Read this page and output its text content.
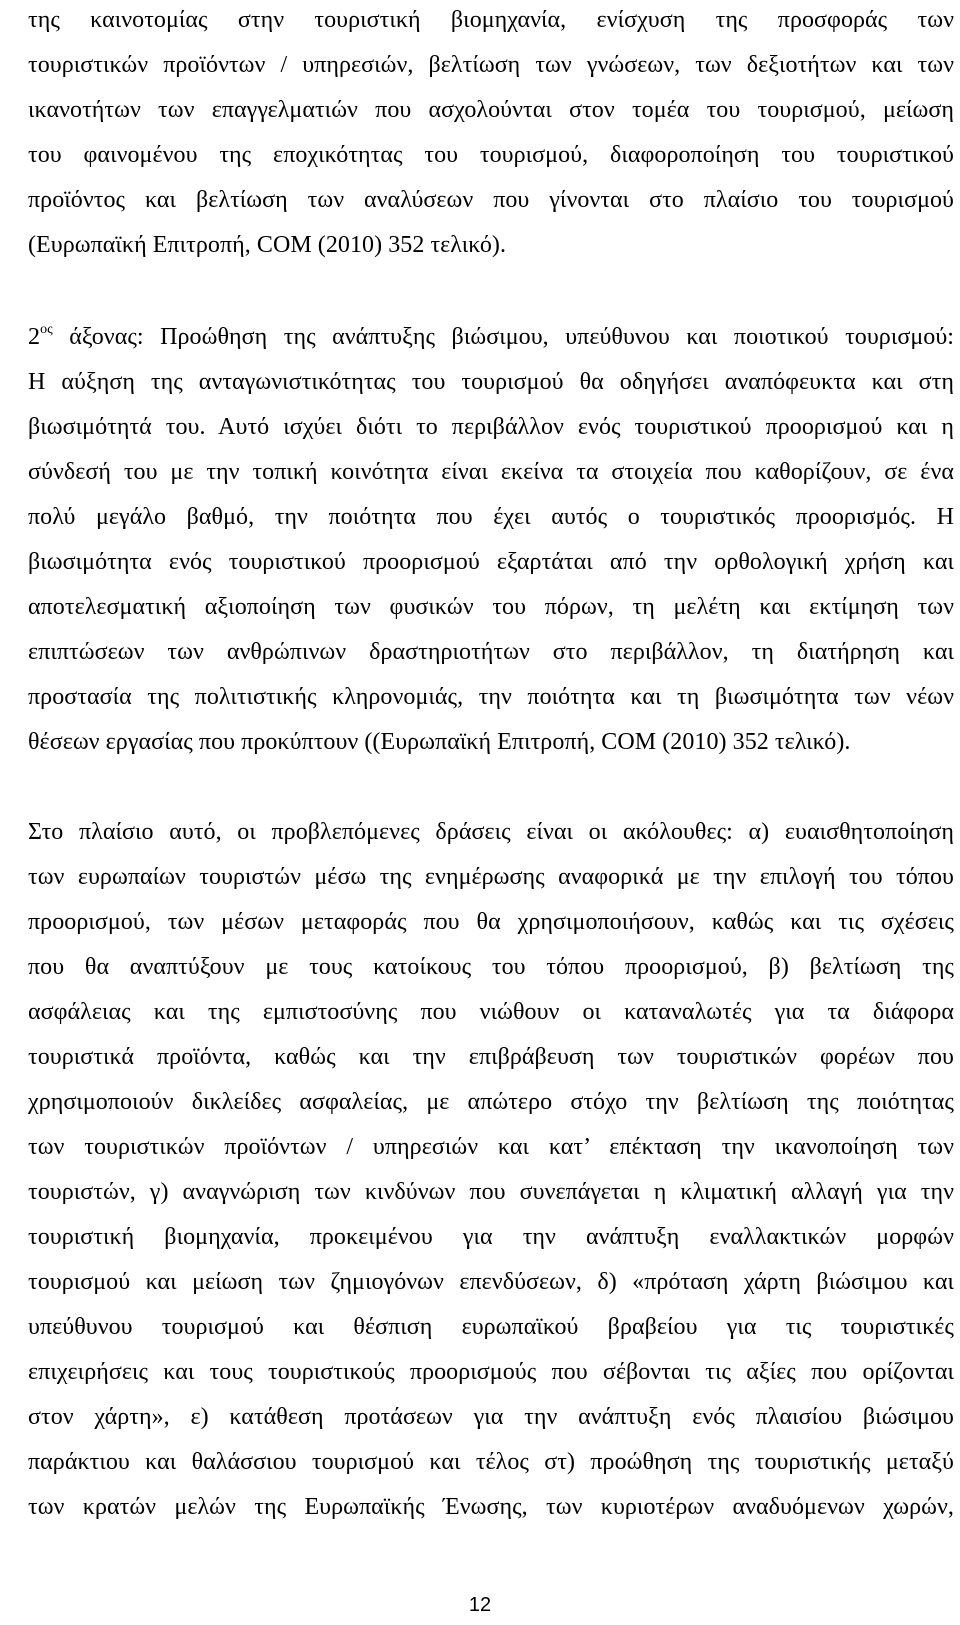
της καινοτομίας στην τουριστική βιομηχανία, ενίσχυση της προσφοράς των
τουριστικών προϊόντων / υπηρεσιών, βελτίωση των γνώσεων, των δεξιοτήτων και των
ικανοτήτων των επαγγελματιών που ασχολούνται στον τομέα του τουρισμού, μείωση
του φαινομένου της εποχικότητας του τουρισμού, διαφοροποίηση του τουριστικού
προϊόντος και βελτίωση των αναλύσεων που γίνονται στο πλαίσιο του τουρισμού
(Ευρωπαϊκή Επιτροπή, COM (2010) 352 τελικό).
$2^{o\varsigma}$ άξονας: Προώθηση της ανάπτυξης βιώσιμου, υπεύθυνου και ποιοτικού τουρισμού:
Η αύξηση της ανταγωνιστικότητας του τουρισμού θα οδηγήσει αναπόφευκτα και στη
βιωσιμότητά του. Αυτό ισχύει διότι το περιβάλλον ενός τουριστικού προορισμού και η
σύνδεσή του με την τοπική κοινότητα είναι εκείνα τα στοιχεία που καθορίζουν, σε ένα
πολύ μεγάλο βαθμό, την ποιότητα που έχει αυτός ο τουριστικός προορισμός. Η
βιωσιμότητα ενός τουριστικού προορισμού εξαρτάται από την ορθολογική χρήση και
αποτελεσματική αξιοποίηση των φυσικών του πόρων, τη μελέτη και εκτίμηση των
επιπτώσεων των ανθρώπινων δραστηριοτήτων στο περιβάλλον, τη διατήρηση και
προστασία της πολιτιστικής κληρονομιάς, την ποιότητα και τη βιωσιμότητα των νέων
θέσεων εργασίας που προκύπτουν ((Ευρωπαϊκή Επιτροπή, COM (2010) 352 τελικό).
Στο πλαίσιο αυτό, οι προβλεπόμενες δράσεις είναι οι ακόλουθες: α) ευαισθητοποίηση
των ευρωπαίων τουριστών μέσω της ενημέρωσης αναφορικά με την επιλογή του τόπου
προορισμού, των μέσων μεταφοράς που θα χρησιμοποιήσουν, καθώς και τις σχέσεις
που θα αναπτύξουν με τους κατοίκους του τόπου προορισμού, β) βελτίωση της
ασφάλειας και της εμπιστοσύνης που νιώθουν οι καταναλωτές για τα διάφορα
τουριστικά προϊόντα, καθώς και την επιβράβευση των τουριστικών φορέων που
χρησιμοποιούν δικλείδες ασφαλείας, με απώτερο στόχο την βελτίωση της ποιότητας
των τουριστικών προϊόντων / υπηρεσιών και κατ’ επέκταση την ικανοποίηση των
τουριστών, γ) αναγνώριση των κινδύνων που συνεπάγεται η κλιματική αλλαγή για την
τουριστική βιομηχανία, προκειμένου για την ανάπτυξη εναλλακτικών μορφών
τουρισμού και μείωση των ζημιογόνων επενδύσεων, δ) «πρόταση χάρτη βιώσιμου και
υπεύθυνου τουρισμού και θέσπιση ευρωπαϊκού βραβείου για τις τουριστικές
επιχειρήσεις και τους τουριστικούς προορισμούς που σέβονται τις αξίες που ορίζονται
στον χάρτη», ε) κατάθεση προτάσεων για την ανάπτυξη ενός πλαισίου βιώσιμου
παράκτιου και θαλάσσιου τουρισμού και τέλος στ) προώθηση της τουριστικής μεταξύ
των κρατών μελών της Ευρωπαϊκής Ένωσης, των κυριοτέρων αναδυόμενων χωρών,
12
